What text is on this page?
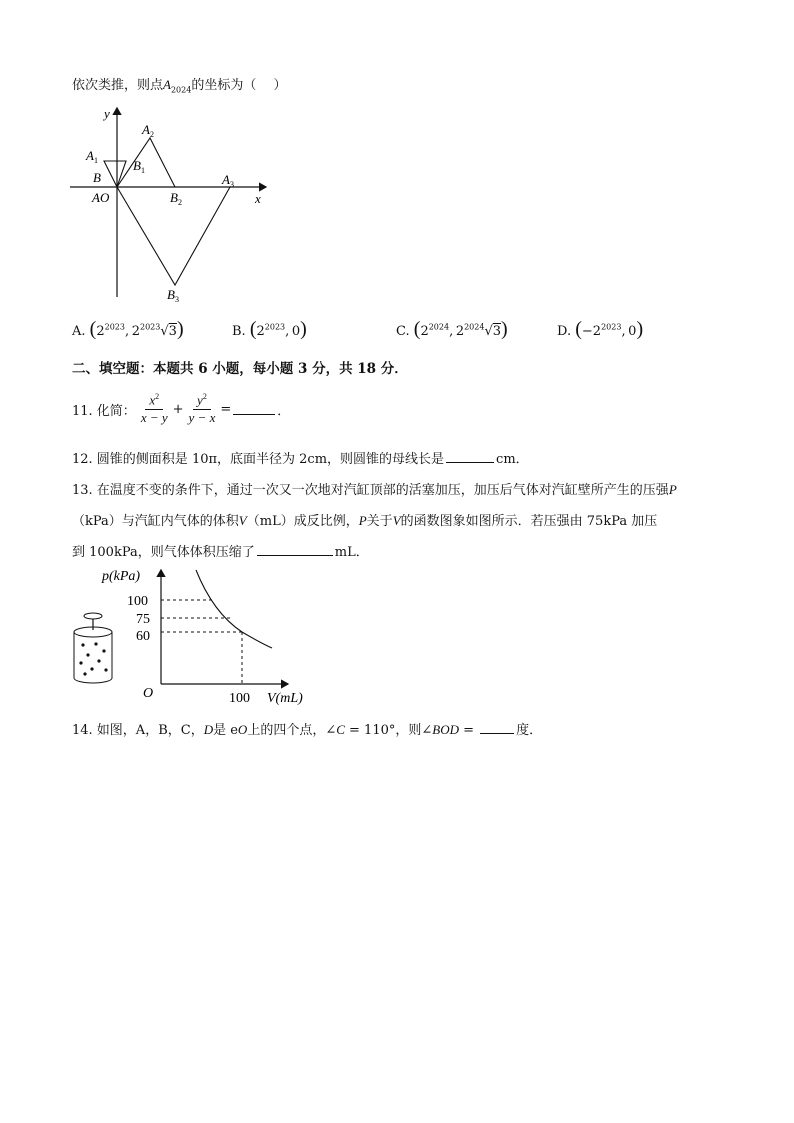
依次类推，则点$A_{2024}$的坐标为（　 ）
y
x
$A_1$
$A_2$
$A_3$
B
$B_1$
$B_2$
$B_3$
AO
A. ($2^{2023}$, $2^{2023}√3$)	B. ($2^{2023}$, 0)	C. ($2^{2024}$, $2^{2024}√3$)	D. ($-2^{2023}$, 0)
二、填空题：本题共 6 小题，每小题 3 分，共 18 分．
11. 化简：
$x^2$
x − y
+ $\frac{y^2}{y - x}$ =	．
12. 圆锥的侧面积是 10π，底面半径为 2cm，则圆锥的母线长是	cm．
13. 在温度不变的条件下，通过一次又一次地对汽缸顶部的活塞加压，加压后气体对汽缸壁所产生的压强P
（kPa）与汽缸内气体的体积V（mL）成反比例，P关于V的函数图象如图所示．若压强由 75kPa 加压
到 100kPa，则气体体积压缩了	mL．
p(kPa)
100
75
60
O	100 V(mL)
14. 如图，A，B，C，D是 eO上的四个点，∠C = 110°，则∠BOD =	度．
